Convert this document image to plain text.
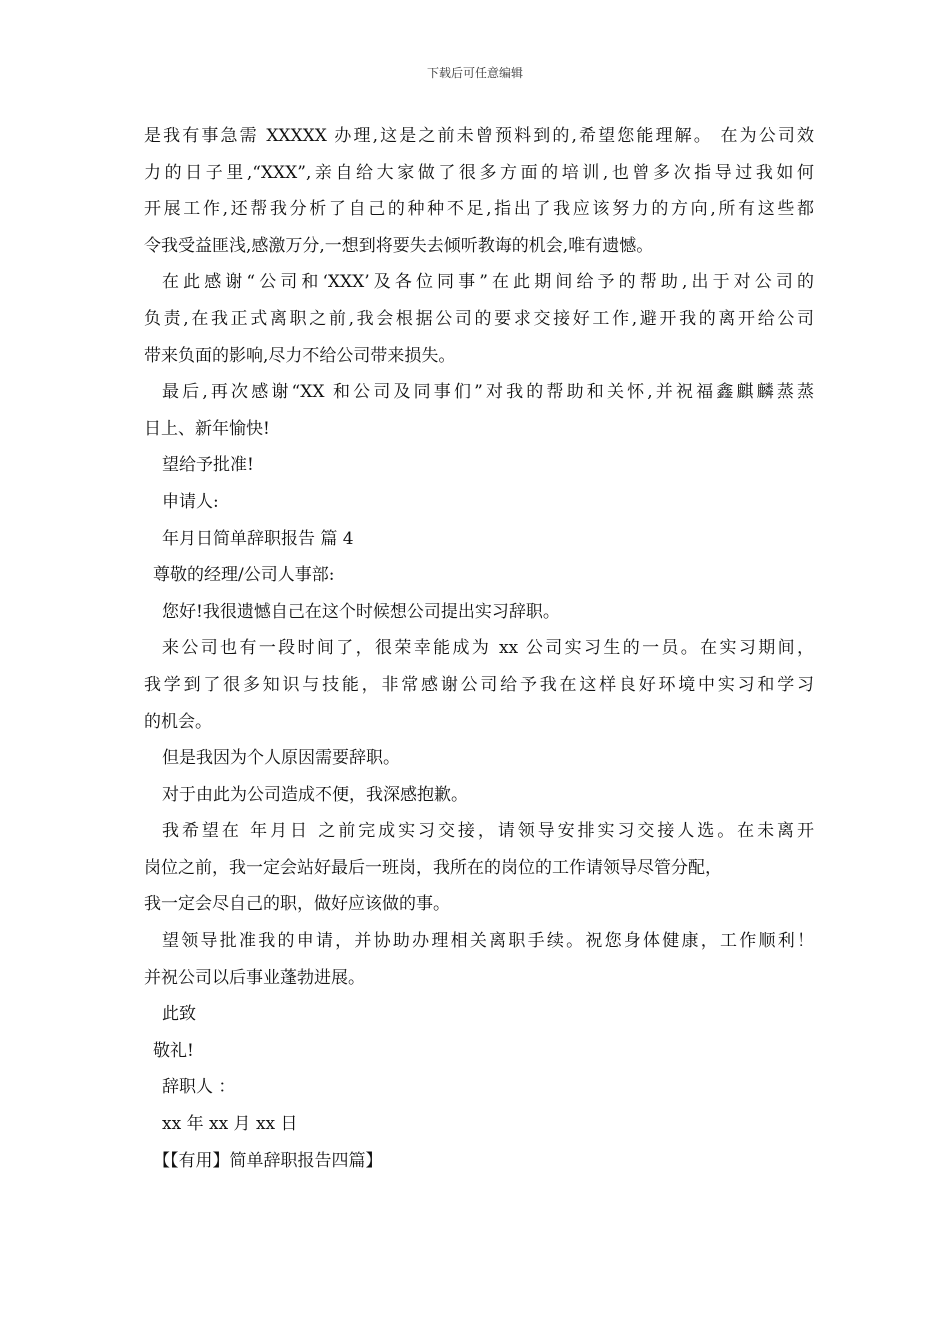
下载后可任意编辑
是我有事急需 XXXXX 办理,这是之前未曾预料到的,希望您能理解。 在为公司效
力的日子里,“XXX”,亲自给大家做了很多方面的培训,也曾多次指导过我如何
开展工作,还帮我分析了自己的种种不足,指出了我应该努力的方向,所有这些都
令我受益匪浅,感激万分,一想到将要失去倾听教诲的机会,唯有遗憾。
在此感谢“公司和‘XXX’及各位同事”在此期间给予的帮助,出于对公司的
负责,在我正式离职之前,我会根据公司的要求交接好工作,避开我的离开给公司
带来负面的影响,尽力不给公司带来损失。
最后,再次感谢“XX 和公司及同事们”对我的帮助和关怀,并祝福鑫麒麟蒸蒸
日上、新年愉快!
望给予批准!
申请人:
年月日简单辞职报告 篇 4
尊敬的经理/公司人事部:
您好!我很遗憾自己在这个时候想公司提出实习辞职。
来公司也有一段时间了，很荣幸能成为 xx 公司实习生的一员。在实习期间，
我学到了很多知识与技能，非常感谢公司给予我在这样良好环境中实习和学习
的机会。
但是我因为个人原因需要辞职。
对于由此为公司造成不便，我深感抱歉。
我希望在 年月日 之前完成实习交接，请领导安排实习交接人选。在未离开
岗位之前，我一定会站好最后一班岗，我所在的岗位的工作请领导尽管分配，
我一定会尽自己的职，做好应该做的事。
望领导批准我的申请，并协助办理相关离职手续。祝您身体健康，工作顺利！
并祝公司以后事业蓬勃进展。
此致
敬礼!
辞职人 ：
xx 年 xx 月 xx 日
【【有用】简单辞职报告四篇】
